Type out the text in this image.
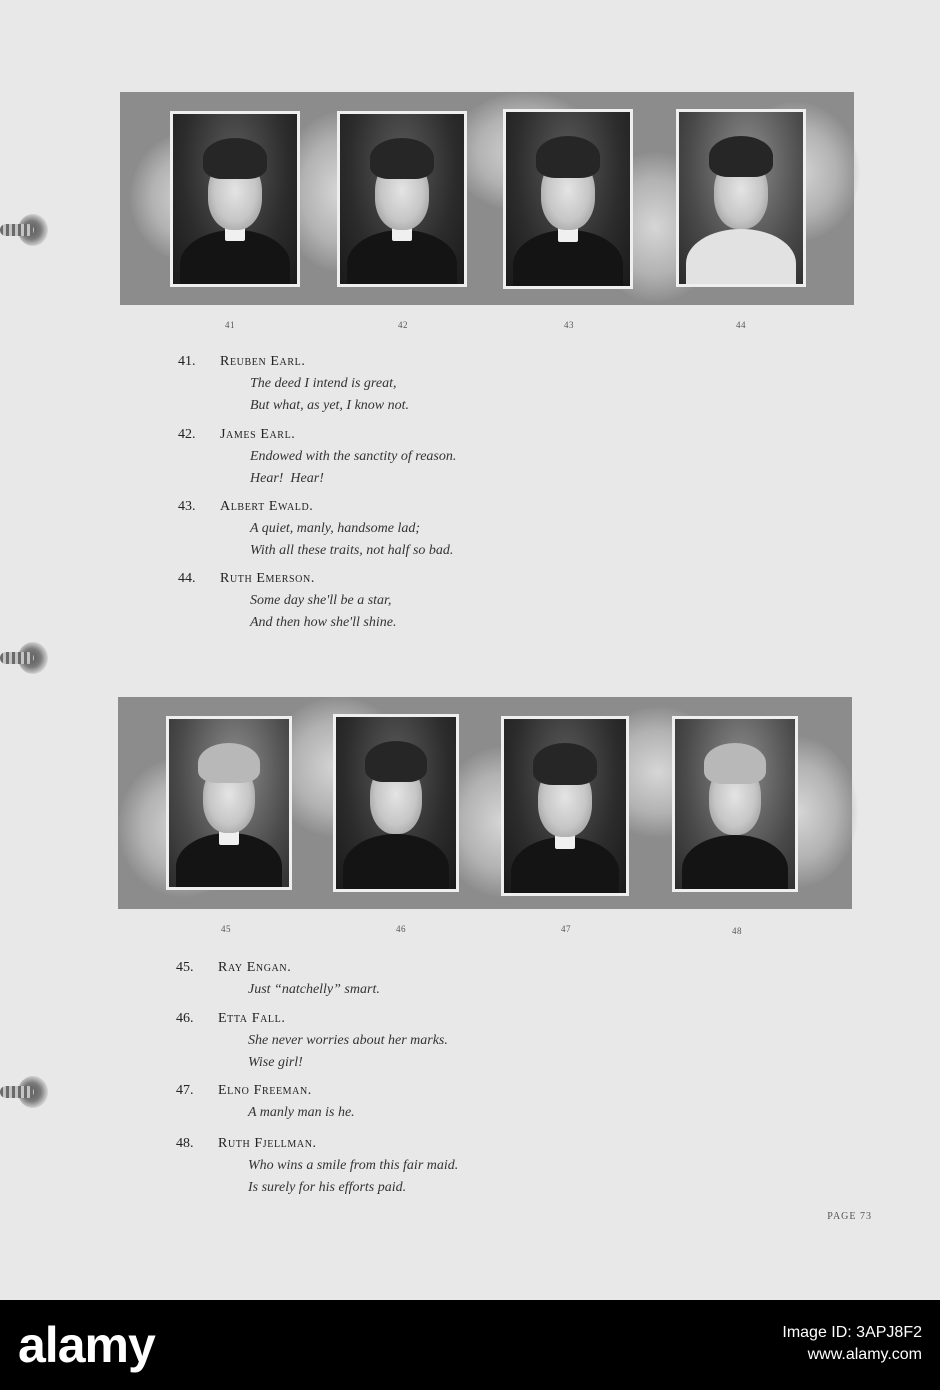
41	42	43	44
41. Reuben Earl.
The deed I intend is great,
But what, as yet, I know not.
42. James Earl.
Endowed with the sanctity of reason.
Hear!  Hear!
43. Albert Ewald.
A quiet, manly, handsome lad;
With all these traits, not half so bad.
44. Ruth Emerson.
Some day she'll be a star,
And then how she'll shine.
45	46	47	48
45. Ray Engan.
Just “natchelly” smart.
46. Etta Fall.
She never worries about her marks.
Wise girl!
47. Elno Freeman.
A manly man is he.
48. Ruth Fjellman.
Who wins a smile from this fair maid.
Is surely for his efforts paid.
PAGE 73
alamy	Image ID: 3APJ8F2
www.alamy.com
